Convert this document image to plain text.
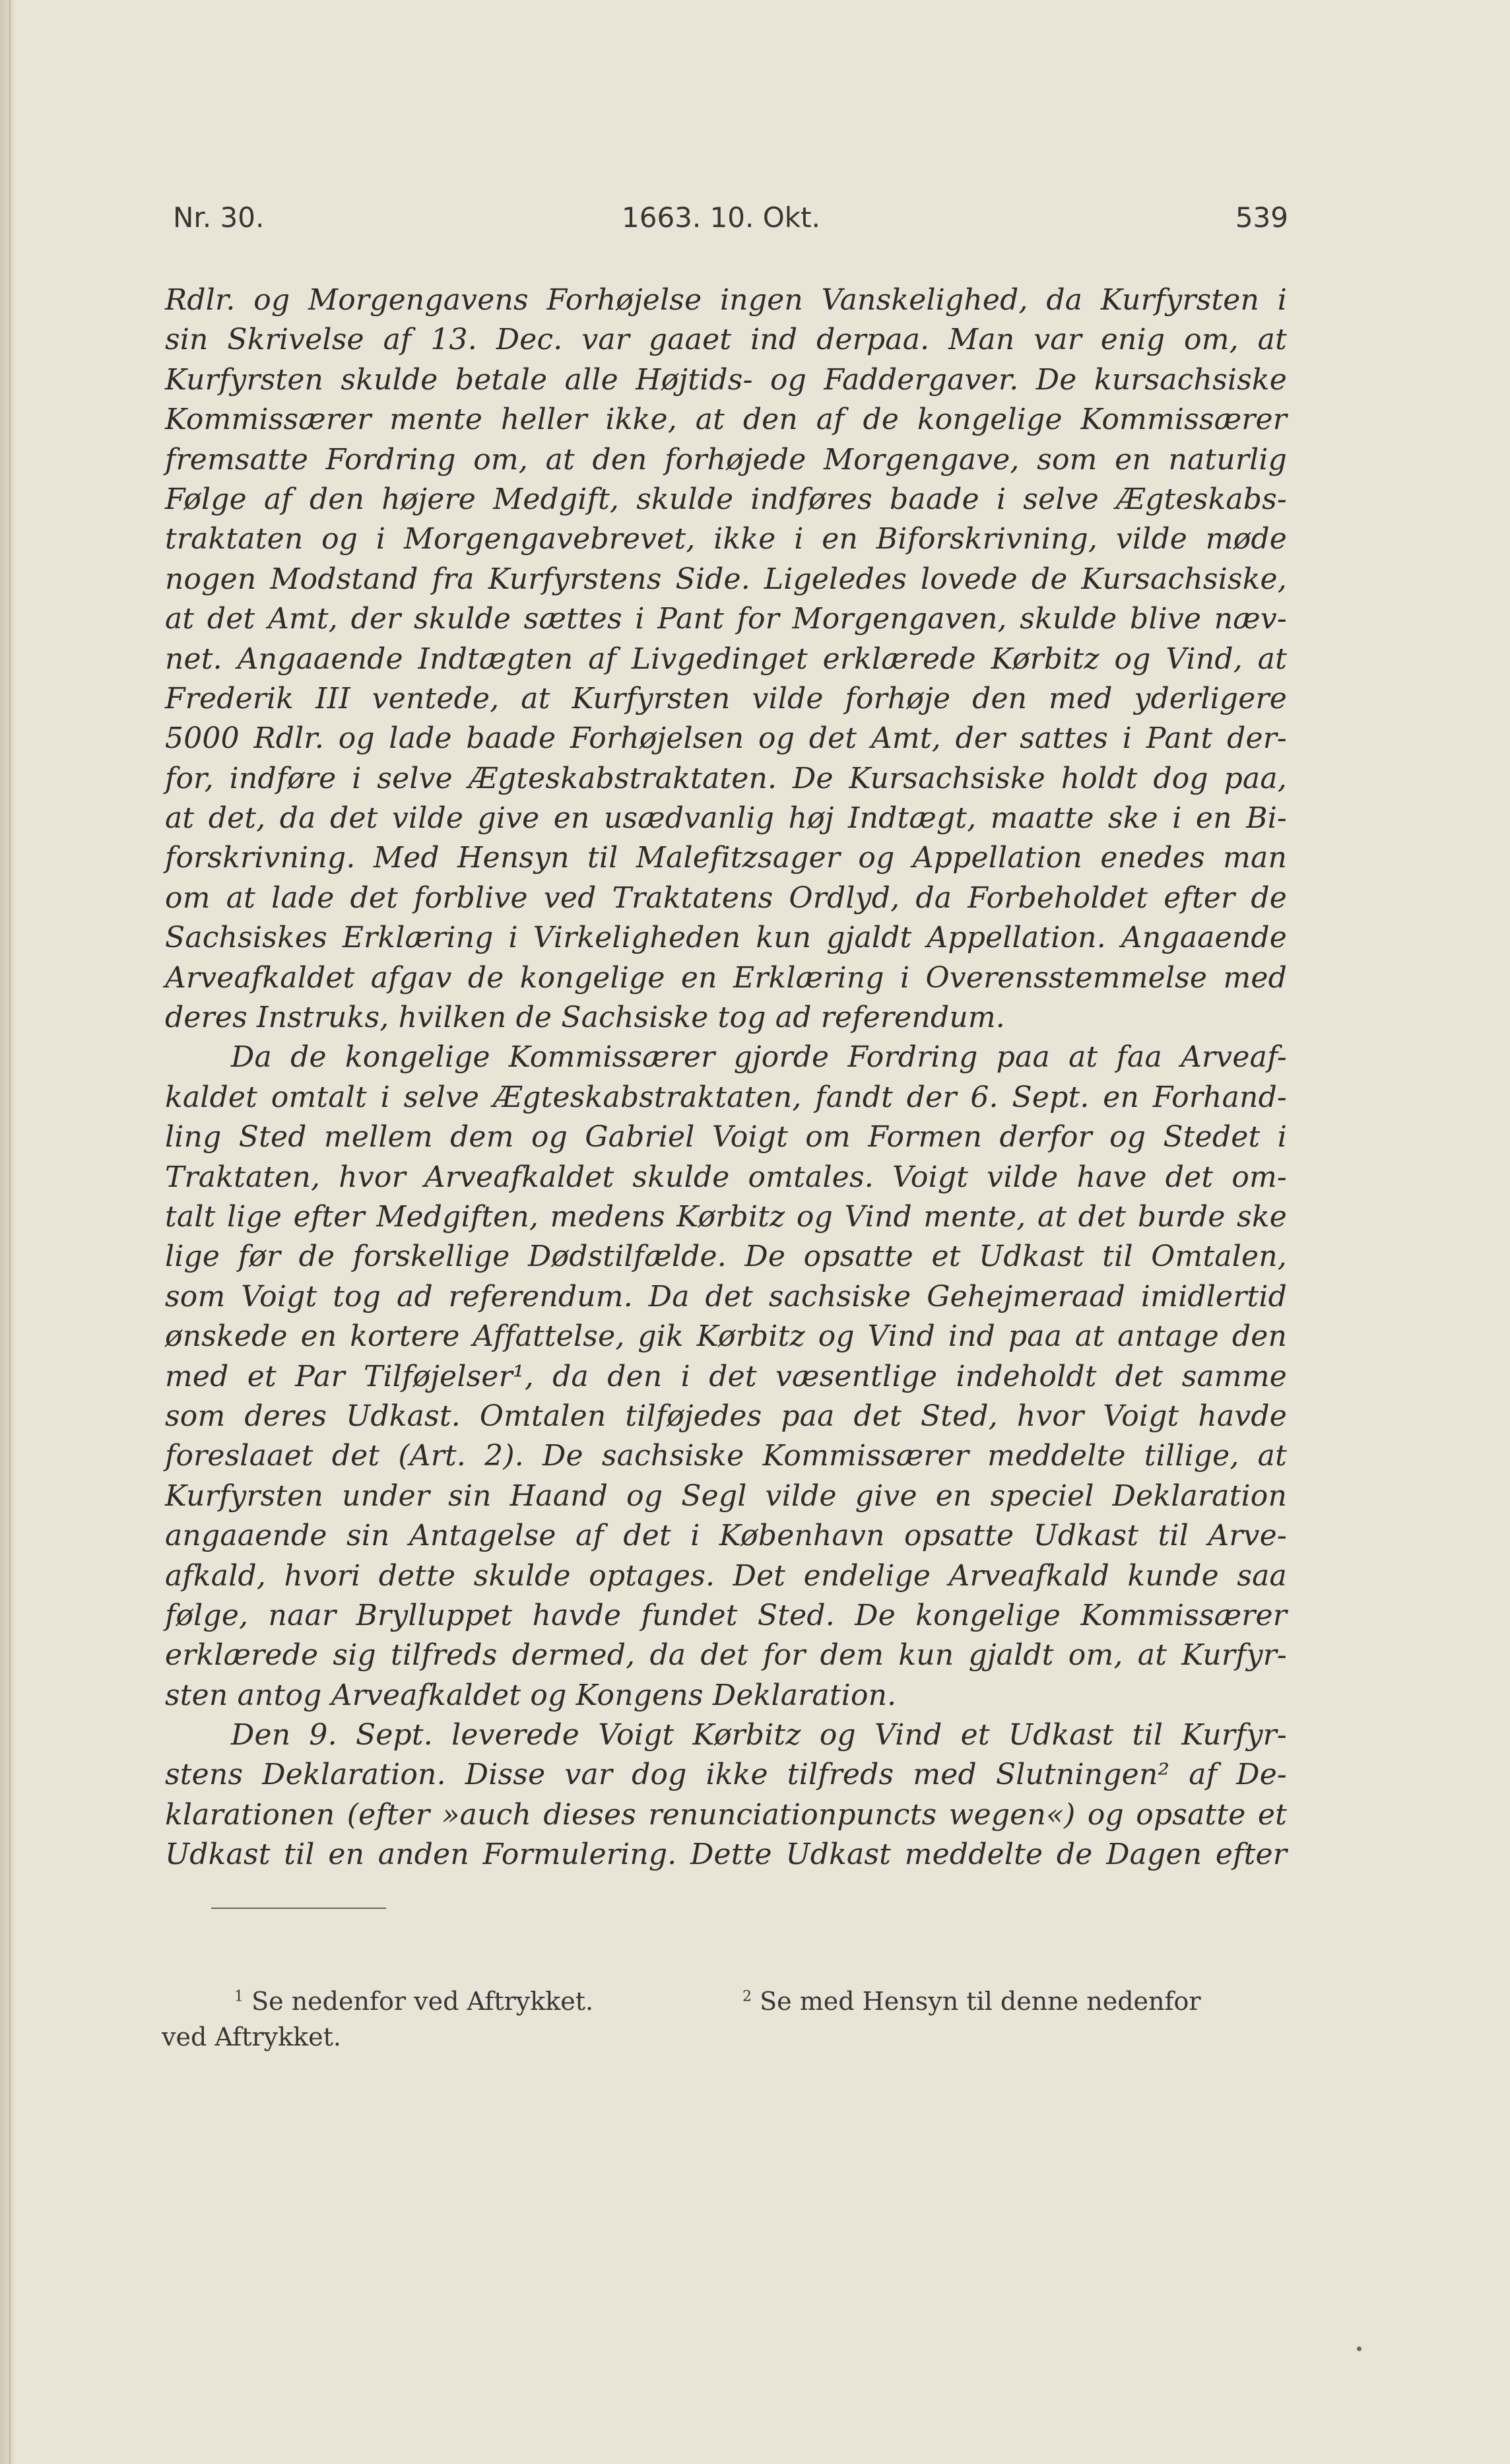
Nr. 30.	1663. 10. Okt.	539
Rdlr. og Morgengavens Forhøjelse ingen Vanskelighed, da Kurfyrsten i
sin Skrivelse af 13. Dec. var gaaet ind derpaa. Man var enig om, at
Kurfyrsten skulde betale alle Højtids- og Faddergaver. De kursachsiske
Kommissærer mente heller ikke, at den af de kongelige Kommissærer
fremsatte Fordring om, at den forhøjede Morgengave, som en naturlig
Følge af den højere Medgift, skulde indføres baade i selve Ægteskabs-
traktaten og i Morgengavebrevet, ikke i en Biforskrivning, vilde møde
nogen Modstand fra Kurfyrstens Side. Ligeledes lovede de Kursachsiske,
at det Amt, der skulde sættes i Pant for Morgengaven, skulde blive næv-
net. Angaaende Indtægten af Livgedinget erklærede Kørbitz og Vind, at
Frederik III ventede, at Kurfyrsten vilde forhøje den med yderligere
5000 Rdlr. og lade baade Forhøjelsen og det Amt, der sattes i Pant der-
for, indføre i selve Ægteskabstraktaten. De Kursachsiske holdt dog paa,
at det, da det vilde give en usædvanlig høj Indtægt, maatte ske i en Bi-
forskrivning. Med Hensyn til Malefitzsager og Appellation enedes man
om at lade det forblive ved Traktatens Ordlyd, da Forbeholdet efter de
Sachsiskes Erklæring i Virkeligheden kun gjaldt Appellation. Angaaende
Arveafkaldet afgav de kongelige en Erklæring i Overensstemmelse med
deres Instruks, hvilken de Sachsiske tog ad referendum.
Da de kongelige Kommissærer gjorde Fordring paa at faa Arveaf-
kaldet omtalt i selve Ægteskabstraktaten, fandt der 6. Sept. en Forhand-
ling Sted mellem dem og Gabriel Voigt om Formen derfor og Stedet i
Traktaten, hvor Arveafkaldet skulde omtales. Voigt vilde have det om-
talt lige efter Medgiften, medens Kørbitz og Vind mente, at det burde ske
lige før de forskellige Dødstilfælde. De opsatte et Udkast til Omtalen,
som Voigt tog ad referendum. Da det sachsiske Gehejmeraad imidlertid
ønskede en kortere Affattelse, gik Kørbitz og Vind ind paa at antage den
med et Par Tilføjelser¹, da den i det væsentlige indeholdt det samme
som deres Udkast. Omtalen tilføjedes paa det Sted, hvor Voigt havde
foreslaaet det (Art. 2). De sachsiske Kommissærer meddelte tillige, at
Kurfyrsten under sin Haand og Segl vilde give en speciel Deklaration
angaaende sin Antagelse af det i København opsatte Udkast til Arve-
afkald, hvori dette skulde optages. Det endelige Arveafkald kunde saa
følge, naar Brylluppet havde fundet Sted. De kongelige Kommissærer
erklærede sig tilfreds dermed, da det for dem kun gjaldt om, at Kurfyr-
sten antog Arveafkaldet og Kongens Deklaration.
Den 9. Sept. leverede Voigt Kørbitz og Vind et Udkast til Kurfyr-
stens Deklaration. Disse var dog ikke tilfreds med Slutningen² af De-
klarationen (efter »auch dieses renunciationpuncts wegen«) og opsatte et
Udkast til en anden Formulering. Dette Udkast meddelte de Dagen efter
$^1$ Se nedenfor ved Aftrykket.	$^2$ Se med Hensyn til denne nedenfor
ved Aftrykket.
